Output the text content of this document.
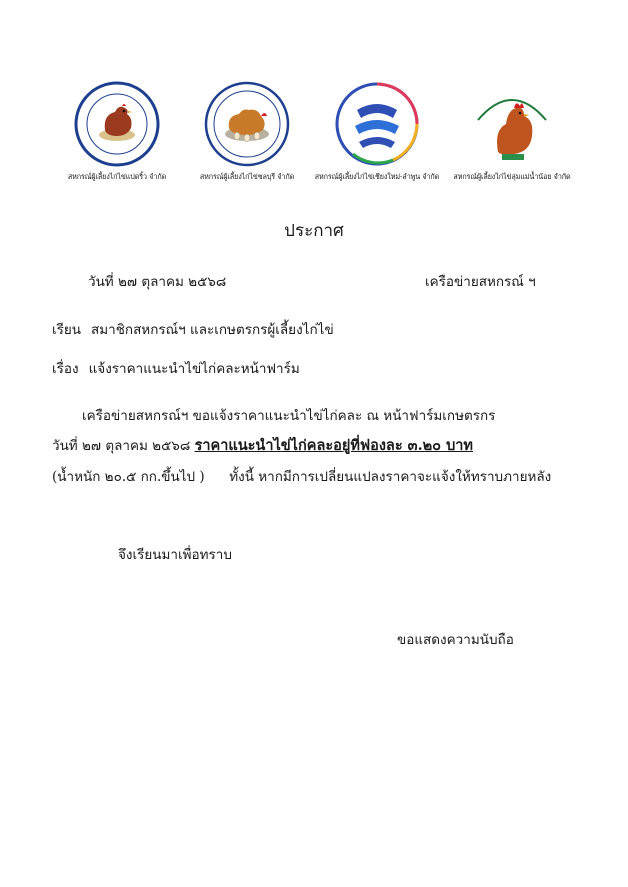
สหกรณ์ผู้เลี้ยงไก่ไข่แปดริ้ว จำกัด	สหกรณ์ผู้เลี้ยงไก่ไข่ชลบุรี จำกัด	สหกรณ์ผู้เลี้ยงไก่ไข่เชียงใหม่-ลำพูน จำกัด	สหกรณ์ผู้เลี้ยงไก่ไข่ลุ่มแม่น้ำน้อย จำกัด
ประกาศ
วันที่ ๒๗ ตุลาคม ๒๕๖๘	เครือข่ายสหกรณ์ ฯ
เรียน สมาชิกสหกรณ์ฯ และเกษตรกรผู้เลี้ยงไก่ไข่
เรื่อง แจ้งราคาแนะนำไข่ไก่คละหน้าฟาร์ม
เครือข่ายสหกรณ์ฯ ขอแจ้งราคาแนะนำไข่ไก่คละ ณ หน้าฟาร์มเกษตรกร
วันที่ ๒๗ ตุลาคม ๒๕๖๘ ราคาแนะนำไข่ไก่คละอยู่ที่ฟองละ ๓.๒๐ บาท
(น้ำหนัก ๒๐.๕ กก.ขึ้นไป ) ทั้งนี้ หากมีการเปลี่ยนแปลงราคาจะแจ้งให้ทราบภายหลัง
จึงเรียนมาเพื่อทราบ
ขอแสดงความนับถือ
